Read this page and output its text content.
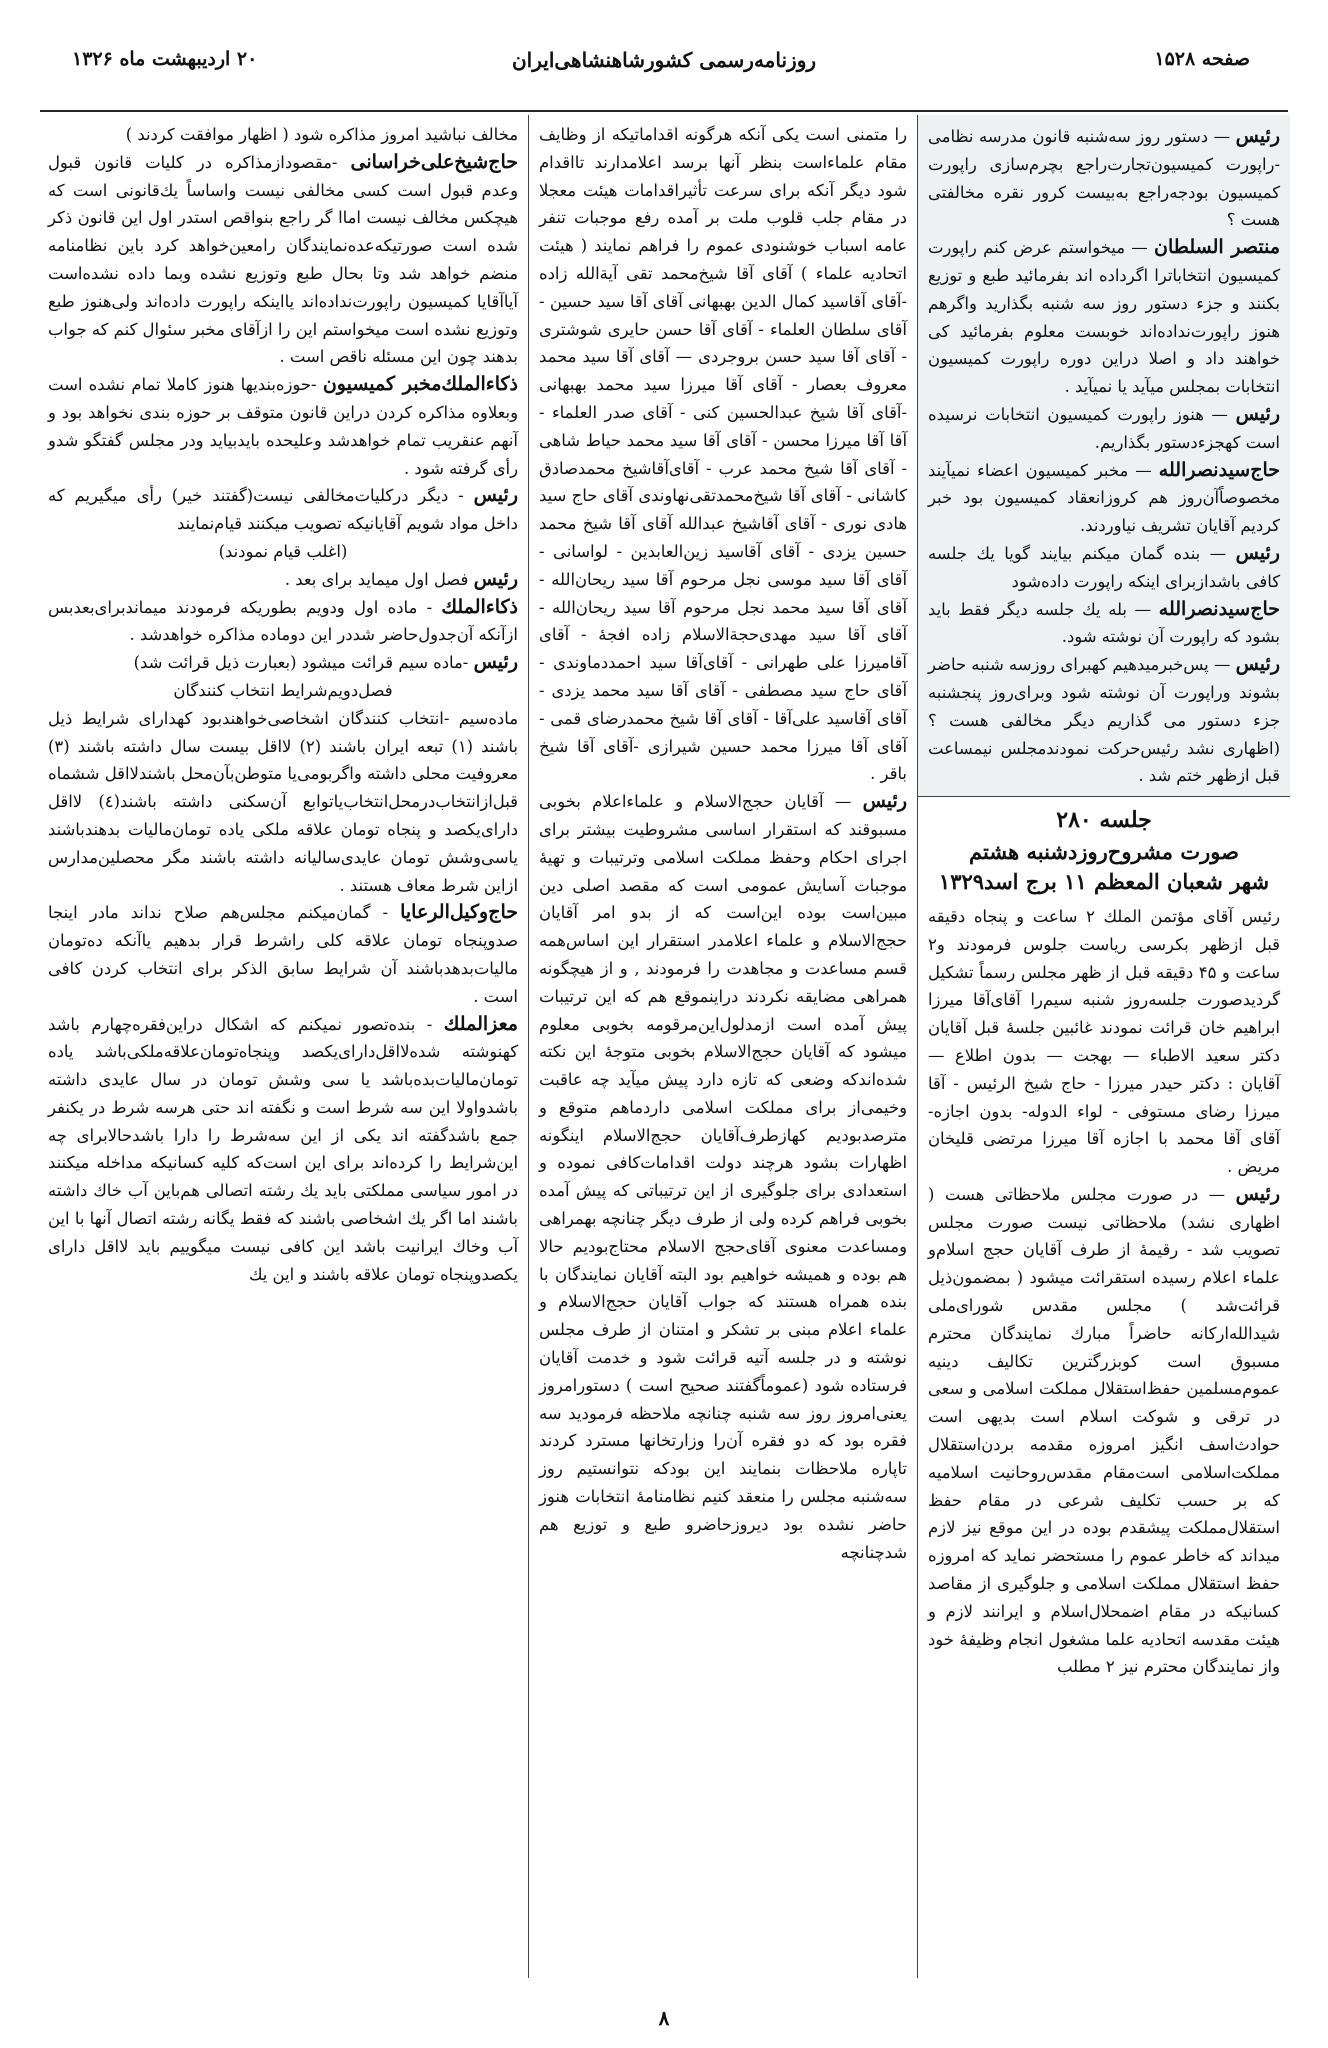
صفحه ۱۵۲۸
روزنامه‌رسمی کشورشاهنشاهی‌ایران
۲۰ اردیبهشت ماه ۱۳۲۶

رئیس — دستور روز سه‌شنبه قانون مدرسه نظامی -راپورت کمیسیون‌تجارت‌راجع بچرم‌سازی راپورت کمیسیون بودجه‌راجع به‌بیست کرور نقره مخالفتی هست ؟

منتصر السلطان — میخواستم عرض کنم راپورت کمیسیون انتخاباترا اگرداده اند بفرمائید طبع و توزیع بکنند و جزء دستور روز سه شنبه بگذارید واگرهم هنوز راپورت‌نداده‌اند خوبست معلوم بفرمائید کی خواهند داد و اصلا دراین دوره راپورت کمیسیون انتخابات بمجلس میآید یا نمیآید .

رئیس — هنوز راپورت کمیسیون انتخابات نرسیده است کهجزءدستور بگذاریم.

حاج‌سیدنصرالله — مخبر کمیسیون اعضاء نمیآیند مخصوصاًآن‌روز هم کروزانعقاد کمیسیون بود خبر کردیم آقایان تشریف نیاوردند.

رئیس — بنده گمان میکنم بیایند گویا یك جلسه کافی باشدازبرای اینکه راپورت داده‌شود

حاج‌سیدنصرالله — بله یك جلسه دیگر فقط باید بشود که راپورت آن نوشته شود.

رئیس — پس‌خبرمیدهیم کهبرای روزسه شنبه حاضر بشوند وراپورت آن نوشته شود وبرای‌روز پنجشنبه جزء دستور می گذاریم دیگر مخالفی هست ؟(اظهاری نشد رئیس‌حرکت نمودندمجلس نیمساعت قبل ازظهر ختم شد .

جلسه ۲۸۰
صورت مشروح‌روزدشنبه هشتم
شهر شعبان المعظم ۱۱ برج اسد۱۳۲۹

رئیس آقای مؤتمن الملك ۲ ساعت و پنجاه دقیقه قبل ازظهر بکرسی ریاست جلوس فرمودند و۲ ساعت و ۴۵ دقیقه قبل از ظهر مجلس رسماً تشکیل گردیدصورت جلسه‌روز شنبه سیم‌را آقای‌آقا میرزا ابراهیم خان قرائت نمودند غائبین جلسهٔ قبل آقایان دکتر سعید الاطباء — بهجت — بدون اطلاع — آقایان : دکتر حیدر میرزا - حاج شیخ الرئیس - آقا میرزا رضای مستوفی - لواء الدوله- بدون اجازه- آقای آقا محمد با اجازه آقا میرزا مرتضی قلیخان مریض .

رئیس — در صورت مجلس ملاحظاتی هست ( اظهاری نشد) ملاحظاتی نیست صورت مجلس تصویب شد - رقیمهٔ از طرف آقایان حجج اسلام‌و علماء اعلام رسیده استقرائت میشود ( بمضمون‌ذیل قرائت‌شد ) مجلس مقدس شورای‌ملی شیدالله‌ارکانه حاضراً مبارك نمایندگان محترم مسبوق است کوبزرگترین تکالیف دینیه عموم‌مسلمین حفظ‌استقلال مملکت اسلامی و سعی در ترقی و شوکت اسلام است بدیهی است حوادث‌اسف انگیز امروزه مقدمه بردن‌استقلال مملکت‌اسلامی است‌مقام مقدس‌روحانیت اسلامیه که بر حسب تکلیف شرعی در مقام حفظ استقلال‌مملکت پیشقدم بوده در این موقع نیز لازم میداند که خاطر عموم را مستحضر نماید که امروزه حفظ استقلال مملکت اسلامی و جلوگیری از مقاصد کسانیکه در مقام اضمحلال‌اسلام و ایرانند لازم و هیئت مقدسه اتحادیه علما مشغول انجام وظیفهٔ خود واز نمایندگان محترم نیز ۲ مطلب

را متمنی است یکی آنکه هرگونه اقداماتیکه از وظایف مقام علماءاست بنظر آنها برسد اعلامدارند تااقدام شود دیگر آنکه برای سرعت تأثیراقدامات هیئت معجلا در مقام جلب قلوب ملت بر آمده رفع موجبات تنفر عامه اسباب خوشنودی عموم را فراهم نمایند ( هیئت اتحادیه علماء ) آقای آقا شیخ‌محمد تقی آیةالله زاده -آقای آقاسید کمال الدین بهبهانی آقای آقا سید حسین - آقای سلطان العلماء - آقای آقا حسن حایری شوشتری - آقای آقا سید حسن بروجردی — آقای آقا سید محمد معروف بعصار - آقای آقا میرزا سید محمد بهبهانی -آقای آقا شیخ عبدالحسین کنی - آقای صدر العلماء - آقا آقا میرزا محسن - آقای آقا سید محمد حیاط شاهی - آقای آقا شیخ محمد عرب - آقای‌آقاشیخ محمدصادق کاشانی - آقای آقا شیخ‌محمدتقی‌نهاوندی آقای حاج سید هادی نوری - آقای آقاشیخ عبدالله آقای آقا شیخ محمد حسین یزدی - آقای آقاسید زین‌العابدین - لواسانی - آقای آقا سید موسی نجل مرحوم آقا سید ریحان‌الله - آقای آقا سید محمد نجل مرحوم آقا سید ریحان‌الله - آقای آقا سید مهدی‌حجةالاسلام زاده افجهٔ - آقای آقامیرزا علی طهرانی - آقای‌آقا سید احمددماوندی - آقای حاج سید مصطفی - آقای آقا سید محمد یزدی - آقای آقاسید علی‌آقا - آقای آقا شیخ محمدرضای قمی - آقای آقا میرزا محمد حسین شیرازی -آقای آقا شیخ باقر .

رئیس — آقایان حجج‌الاسلام و علماءاعلام بخوبی مسبوقند که استقرار اساسی مشروطیت بیشتر برای اجرای احکام وحفظ مملکت اسلامی وترتیبات و تهیهٔ موجبات آسایش عمومی است که مقصد اصلی دین مبین‌است بوده این‌است که از بدو امر آقایان حجج‌الاسلام و علماء اعلامدر استقرار این اساس‌همه قسم مساعدت و مجاهدت را فرمودند , و از هیچگونه همراهی مضایقه نکردند دراینموقع هم که این ترتیبات پیش آمده است ازمدلول‌این‌مرقومه بخوبی معلوم میشود که آقایان حجج‌الاسلام بخوبی متوجهٔ این نکته شده‌اندکه وضعی که تازه دارد پیش میآید چه عاقبت وخیمی‌از برای مملکت اسلامی داردماهم متوقع و مترصدبودیم کهازطرف‌آقایان حجج‌الاسلام اینگونه اظهارات بشود هرچند دولت اقدامات‌کافی نموده و استعدادی برای جلوگیری از این ترتیباتی که پیش آمده بخوبی فراهم کرده ولی از طرف دیگر چنانچه بهمراهی ومساعدت معنوی آقای‌حجج‌ الاسلام محتاج‌بودیم حالا هم بوده و همیشه خواهیم بود البته آقایان نمایندگان با بنده همراه هستند که جواب آقایان حجج‌الاسلام و علماء اعلام مبنی بر تشکر و امتنان از طرف مجلس نوشته و در جلسه آتیه قرائت شود و خدمت آقایان فرستاده شود (عموماًگفتند صحیح است ) دستورامروز یعنی‌امروز روز سه شنبه چنانچه ملاحظه فرمودید سه فقره بود که دو فقره آن‌را وزارتخانها مسترد کردند تاپاره ملاحظات بنمایند این بودکه نتوانستیم روز سه‌شنبه مجلس را منعقد کنیم نظامنامهٔ انتخابات هنوز حاضر نشده بود دیروزحاضرو طبع و توزیع هم شدچنانچه

مخالف نباشید امروز مذاکره شود ( اظهار موافقت کردند )

حاج‌شیخ‌علی‌خراسانی -مقصودازمذاکره در کلیات قانون قبول وعدم قبول است کسی مخالفی نیست واساساً یك‌قانونی است که هیچکس مخالف نیست اماا گر راجع بنواقص استدر اول این قانون ذکر شده است صورتیکه‌عده‌نمایندگان رامعین‌خواهد کرد باین نظامنامه منضم خواهد شد وتا بحال طبع وتوزیع نشده وبما داده نشده‌است آیاآقایا کمیسیون راپورت‌نداده‌اند یااینکه راپورت داده‌اند ولی‌هنوز طبع وتوزیع نشده است میخواستم این را ازآقای مخبر سئوال کنم که جواب بدهند چون این مسئله ناقص است .

ذکاءالملك‌مخبر کمیسیون -حوزه‌بندیها هنوز کاملا تمام نشده است وبعلاوه مذاکره کردن دراین قانون متوقف بر حوزه بندی نخواهد بود و آنهم عنقریب تمام خواهدشد وعلیحده بایدبیاید ودر مجلس گفتگو شدو رأی گرفته شود .

رئیس - دیگر درکلیات‌مخالفی نیست(گفتند خیر) رأی میگیریم که داخل مواد شویم آقایانیکه تصویب میکنند قیام‌نمایند

(اغلب قیام نمودند)

رئیس فصل اول میماید برای بعد .

ذکاءالملك - ماده اول ودویم بطوریکه فرمودند میماندبرای‌بعدبس ازآنکه آن‌جدول‌حاضر شددر این دوماده مذاکره خواهدشد .

رئیس -ماده سیم قرائت میشود (بعبارت ذیل قرائت شد)

فصل‌دویم‌شرایط انتخاب کنندگان

ماده‌سیم -انتخاب کنندگان اشخاصی‌خواهندبود کهدارای شرایط ذیل باشند (۱) تبعه ایران باشند (۲) لااقل بیست سال داشته باشند (۳) معروفیت محلی داشته واگربومی‌یا متوطن‌بآن‌محل باشندلااقل ششماه قبل‌ازانتخاب‌درمحل‌انتخاب‌یاتوابع آن‌سکنی داشته باشند(٤) لااقل دارای‌یکصد و پنجاه تومان علاقه ملکی یاده تومان‌مالیات بدهندباشند یاسی‌وشش تومان عایدی‌سالیانه داشته باشند مگر محصلین‌مدارس ازاین شرط معاف هستند .

حاج‌وکیل‌الرعایا - گمان‌میکنم مجلس‌هم صلاح نداند مادر اینجا صدوپنجاه تومان علاقه کلی راشرط قرار بدهیم یاآنکه ده‌تومان مالیات‌بدهدباشند آن شرایط سابق الذکر برای انتخاب کردن کافی است .

معزالملك - بنده‌تصور نمیکنم که اشکال دراین‌فقره‌چهارم باشد کهنوشته شده‌لااقل‌دارای‌یکصد وپنجاه‌تومان‌علاقه‌ملکی‌باشد یاده تومان‌مالیات‌بده‌باشد یا سی وشش تومان در سال عایدی داشته باشدواولا این سه شرط است و نگفته اند حتی هرسه شرط در یکنفر جمع باشدگفته اند یکی از این سه‌شرط را دارا باشدحالابرای چه این‌شرایط را کرده‌اند برای این است‌که کلیه کسانیکه مداخله میکنند در امور سیاسی مملکتی باید یك رشته اتصالی هم‌باین آب خاك داشته باشند اما اگر یك اشخاصی باشند که فقط یگانه رشته اتصال آنها با این آب وخاك ایرانیت باشد این کافی نیست میگوییم باید لااقل دارای یکصدوپنجاه تومان علاقه باشند و این یك

۸
